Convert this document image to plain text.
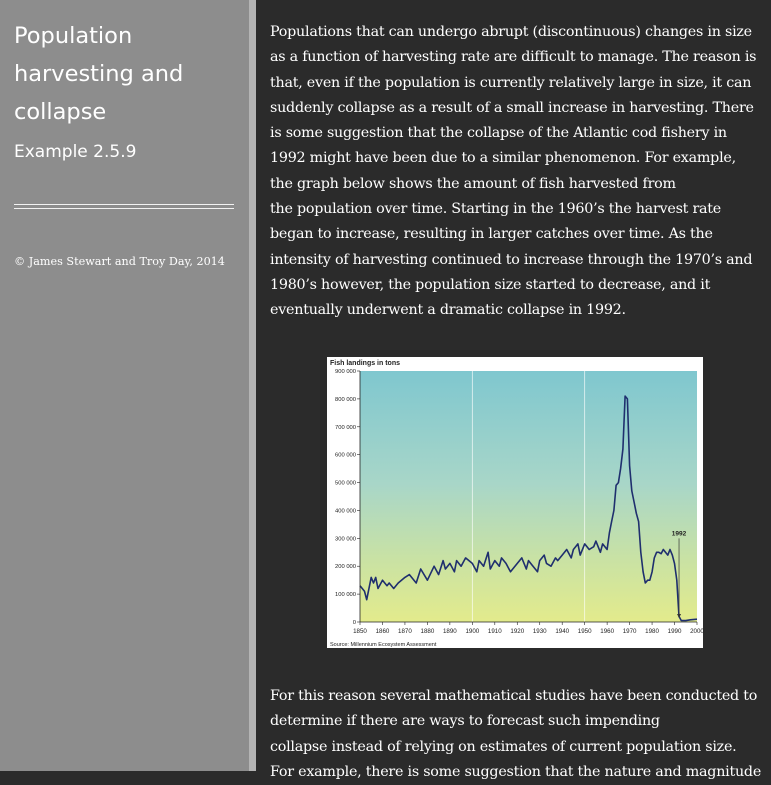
Population
harvesting and
collapse

Example 2.5.9

© James Stewart and Troy Day, 2014

Populations that can undergo abrupt (discontinuous) changes in size
as a function of harvesting rate are difficult to manage. The reason is
that, even if the population is currently relatively large in size, it can
suddenly collapse as a result of a small increase in harvesting. There
is some suggestion that the collapse of the Atlantic cod fishery in
1992 might have been due to a similar phenomenon. For example,
the graph below shows the amount of fish harvested from
the population over time. Starting in the 1960’s the harvest rate
began to increase, resulting in larger catches over time. As the
intensity of harvesting continued to increase through the 1970’s and
1980’s however, the population size started to decrease, and it
eventually underwent a dramatic collapse in 1992.
Fish landings in tons
1992
0
100 000
200 000
300 000
400 000
500 000
600 000
700 000
800 000
900 000
1850 1860 1870 1880 1890 1900 1910 1920 1930 1940 1950 1960 1970 1980 1990 2000
Source: Millennium Ecosystem Assessment
For this reason several mathematical studies have been conducted to
determine if there are ways to forecast such impending
collapse instead of relying on estimates of current population size.
For example, there is some suggestion that the nature and magnitude
